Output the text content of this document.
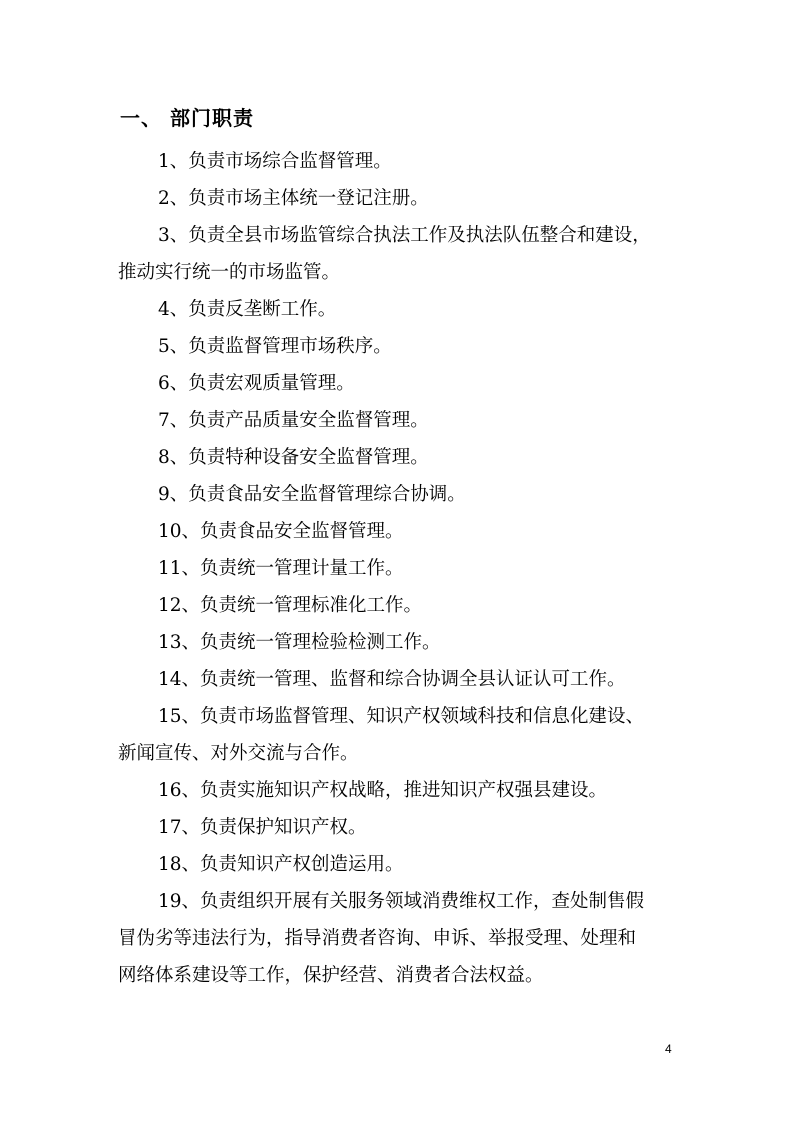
一、 部门职责

1、负责市场综合监督管理。

2、负责市场主体统一登记注册。

3、负责全县市场监管综合执法工作及执法队伍整合和建设，
推动实行统一的市场监管。

4、负责反垄断工作。

5、负责监督管理市场秩序。

6、负责宏观质量管理。

7、负责产品质量安全监督管理。

8、负责特种设备安全监督管理。

9、负责食品安全监督管理综合协调。

10、负责食品安全监督管理。

11、负责统一管理计量工作。

12、负责统一管理标准化工作。

13、负责统一管理检验检测工作。

14、负责统一管理、监督和综合协调全县认证认可工作。

15、负责市场监督管理、知识产权领域科技和信息化建设、
新闻宣传、对外交流与合作。

16、负责实施知识产权战略，推进知识产权强县建设。

17、负责保护知识产权。

18、负责知识产权创造运用。

19、负责组织开展有关服务领域消费维权工作，查处制售假
冒伪劣等违法行为，指导消费者咨询、申诉、举报受理、处理和
网络体系建设等工作，保护经营、消费者合法权益。

4
